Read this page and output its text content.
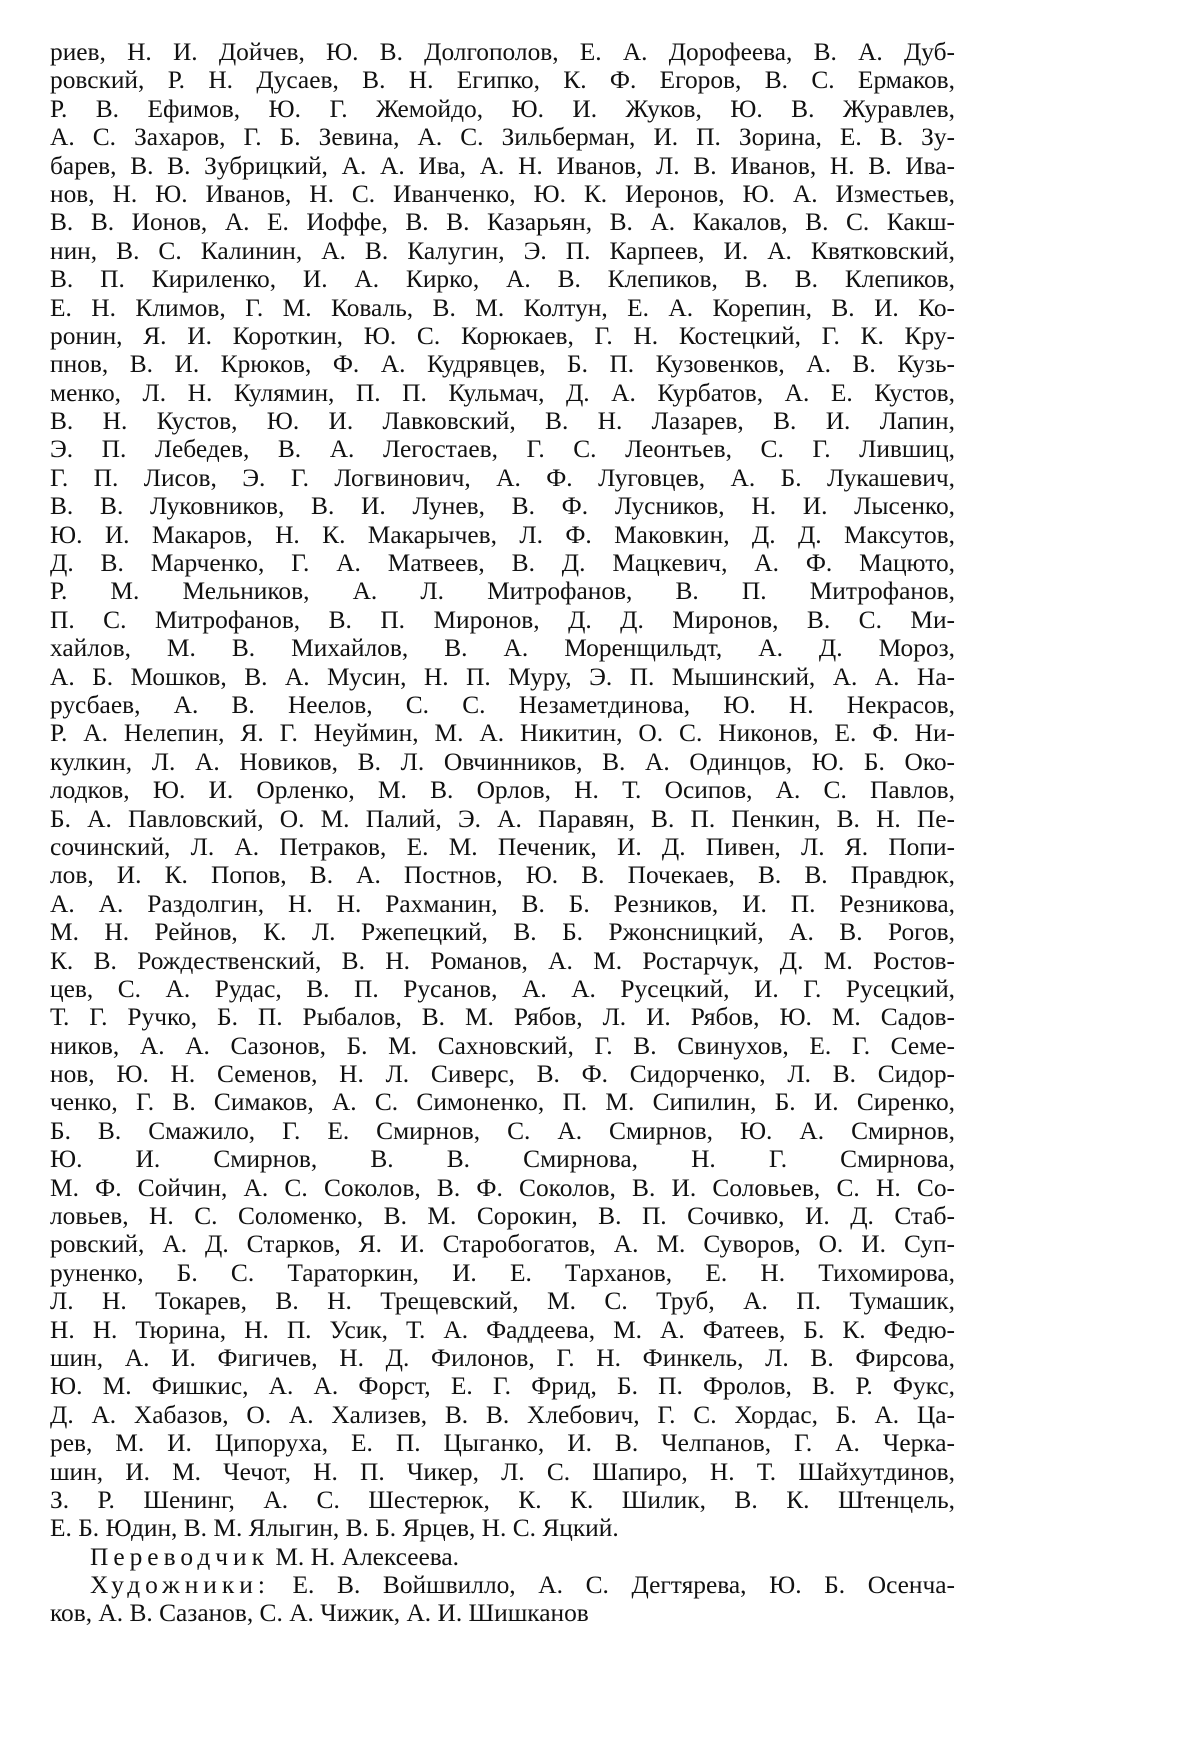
риев, Н. И. Дойчев, Ю. В. Долгополов, Е. А. Дорофеева, В. А. Дуб-
ровский, Р. Н. Дусаев, В. Н. Египко, К. Ф. Егоров, В. С. Ермаков,
Р. В. Ефимов, Ю. Г. Жемойдо, Ю. И. Жуков, Ю. В. Журавлев,
А. С. Захаров, Г. Б. Зевина, А. С. Зильберман, И. П. Зорина, Е. В. Зу-
барев, В. В. Зубрицкий, А. А. Ива, А. Н. Иванов, Л. В. Иванов, Н. В. Ива-
нов, Н. Ю. Иванов, Н. С. Иванченко, Ю. К. Иеронов, Ю. А. Изместьев,
В. В. Ионов, А. Е. Иоффе, В. В. Казарьян, В. А. Какалов, В. С. Какш-
нин, В. С. Калинин, А. В. Калугин, Э. П. Карпеев, И. А. Квятковский,
В. П. Кириленко, И. А. Кирко, А. В. Клепиков, В. В. Клепиков,
Е. Н. Климов, Г. М. Коваль, В. М. Колтун, Е. А. Корепин, В. И. Ко-
ронин, Я. И. Короткин, Ю. С. Корюкаев, Г. Н. Костецкий, Г. К. Кру-
пнов, В. И. Крюков, Ф. А. Кудрявцев, Б. П. Кузовенков, А. В. Кузь-
менко, Л. Н. Кулямин, П. П. Кульмач, Д. А. Курбатов, А. Е. Кустов,
В. Н. Кустов, Ю. И. Лавковский, В. Н. Лазарев, В. И. Лапин,
Э. П. Лебедев, В. А. Легостаев, Г. С. Леонтьев, С. Г. Лившиц,
Г. П. Лисов, Э. Г. Логвинович, А. Ф. Луговцев, А. Б. Лукашевич,
В. В. Луковников, В. И. Лунев, В. Ф. Лусников, Н. И. Лысенко,
Ю. И. Макаров, Н. К. Макарычев, Л. Ф. Маковкин, Д. Д. Максутов,
Д. В. Марченко, Г. А. Матвеев, В. Д. Мацкевич, А. Ф. Мацюто,
Р. М. Мельников, А. Л. Митрофанов, В. П. Митрофанов,
П. С. Митрофанов, В. П. Миронов, Д. Д. Миронов, В. С. Ми-
хайлов, М. В. Михайлов, В. А. Моренщильдт, А. Д. Мороз,
А. Б. Мошков, В. А. Мусин, Н. П. Муру, Э. П. Мышинский, А. А. На-
русбаев, А. В. Неелов, С. С. Незаметдинова, Ю. Н. Некрасов,
Р. А. Нелепин, Я. Г. Неуймин, М. А. Никитин, О. С. Никонов, Е. Ф. Ни-
кулкин, Л. А. Новиков, В. Л. Овчинников, В. А. Одинцов, Ю. Б. Око-
лодков, Ю. И. Орленко, М. В. Орлов, Н. Т. Осипов, А. С. Павлов,
Б. А. Павловский, О. М. Палий, Э. А. Паравян, В. П. Пенкин, В. Н. Пе-
сочинский, Л. А. Петраков, Е. М. Печеник, И. Д. Пивен, Л. Я. Попи-
лов, И. К. Попов, В. А. Постнов, Ю. В. Почекаев, В. В. Правдюк,
А. А. Раздолгин, Н. Н. Рахманин, В. Б. Резников, И. П. Резникова,
М. Н. Рейнов, К. Л. Ржепецкий, В. Б. Ржонсницкий, А. В. Рогов,
К. В. Рождественский, В. Н. Романов, А. М. Ростарчук, Д. М. Ростов-
цев, С. А. Рудас, В. П. Русанов, А. А. Русецкий, И. Г. Русецкий,
Т. Г. Ручко, Б. П. Рыбалов, В. М. Рябов, Л. И. Рябов, Ю. М. Садов-
ников, А. А. Сазонов, Б. М. Сахновский, Г. В. Свинухов, Е. Г. Семе-
нов, Ю. Н. Семенов, Н. Л. Сиверс, В. Ф. Сидорченко, Л. В. Сидор-
ченко, Г. В. Симаков, А. С. Симоненко, П. М. Сипилин, Б. И. Сиренко,
Б. В. Смажило, Г. Е. Смирнов, С. А. Смирнов, Ю. А. Смирнов,
Ю. И. Смирнов, В. В. Смирнова, Н. Г. Смирнова,
М. Ф. Сойчин, А. С. Соколов, В. Ф. Соколов, В. И. Соловьев, С. Н. Со-
ловьев, Н. С. Соломенко, В. М. Сорокин, В. П. Сочивко, И. Д. Стаб-
ровский, А. Д. Старков, Я. И. Старобогатов, А. М. Суворов, О. И. Суп-
руненко, Б. С. Тараторкин, И. Е. Тарханов, Е. Н. Тихомирова,
Л. Н. Токарев, В. Н. Трещевский, М. С. Труб, А. П. Тумашик,
Н. Н. Тюрина, Н. П. Усик, Т. А. Фаддеева, М. А. Фатеев, Б. К. Федю-
шин, А. И. Фигичев, Н. Д. Филонов, Г. Н. Финкель, Л. В. Фирсова,
Ю. М. Фишкис, А. А. Форст, Е. Г. Фрид, Б. П. Фролов, В. Р. Фукс,
Д. А. Хабазов, О. А. Хализев, В. В. Хлебович, Г. С. Хордас, Б. А. Ца-
рев, М. И. Ципоруха, Е. П. Цыганко, И. В. Челпанов, Г. А. Черка-
шин, И. М. Чечот, Н. П. Чикер, Л. С. Шапиро, Н. Т. Шайхутдинов,
З. Р. Шенинг, А. С. Шестерюк, К. К. Шилик, В. К. Штенцель,
Е. Б. Юдин, В. М. Ялыгин, В. Б. Ярцев, Н. С. Яцкий.
Переводчик М. Н. Алексеева.
Художники: Е. В. Войшвилло, А. С. Дегтярева, Ю. Б. Осенча-
ков, А. В. Сазанов, С. А. Чижик, А. И. Шишканов
